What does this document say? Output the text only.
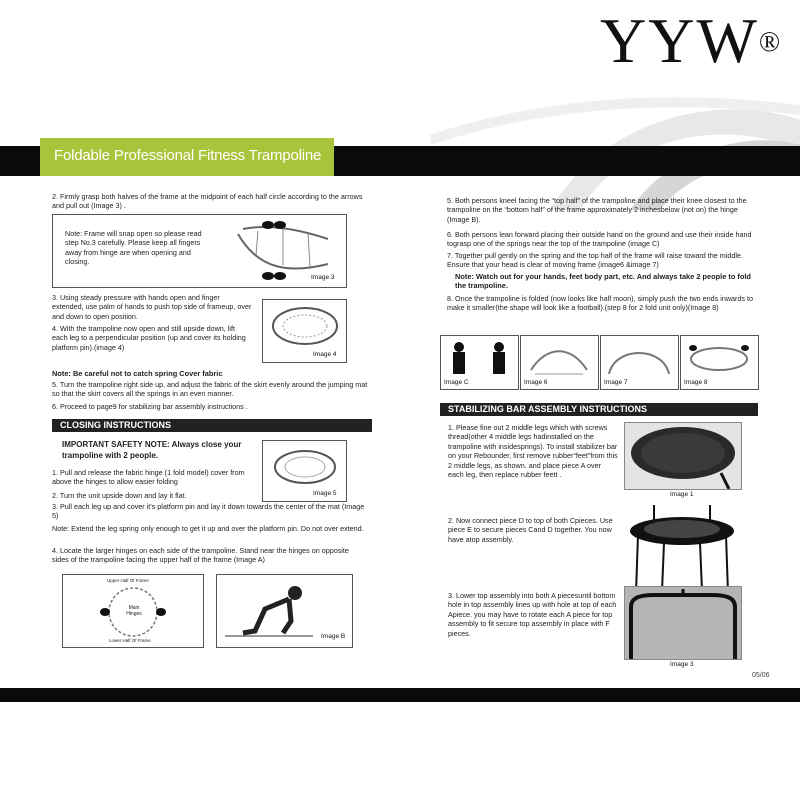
YYW®
Foldable Professional Fitness Trampoline
2. Firmly grasp both halves of the frame at the midpoint of each half circle according to the arrows and pull out (Image 3) .
Note: Frame will snap open so please read step No.3 carefully. Please keep all fingers away from hinge are when opening and closing.
Image 3
3. Using steady pressure with hands open and finger extended, use palm of hands to push top side of frameup, over and down to open position.
4. With the trampoline now open and still upside down, lift each leg to a perpendicular position (up and cover its holding platform pin).(image 4)
Image 4
Note: Be careful not to catch spring Cover fabric
5. Turn the trampoline right side up, and adjust the fabric of the skirt evenly around the jumping mat so that the skirt covers all the springs in an even manner.
6. Proceed to page9 for stabilizing bar assembly instructions .
CLOSING INSTRUCTIONS
IMPORTANT SAFETY NOTE: Always close your trampoline with 2 people.
Image 5
1. Pull and release the fabric hinge (1 fold model) cover from above the hinges to allow easier folding
2. Turn the unit upside down and lay it flat.
3. Pull each leg up and cover it's platform pin and lay it down towards the center of the mat (Image 5)
Note: Extend the leg spring only enough to get it up and over the platform pin. Do not over extend.
4. Locate the larger hinges on each side of the trampoline. Stand near the hinges on opposite sides of the trampoline facing the upper half of the frame (Image A)
Upper Half Of Frame
Main Hinges
Lower Half Of Frame
Image B
5. Both persons kneel facing the “top half” of the trampoline and place their knee closest to the trampoline on the “bottom half” of the frame approximately 2 inchesbelow (not on) the hinge (Image B).
6. Both persons lean forward placing their outside hand on the ground and use their inside hand tograsp one of the springs near the top of the trampoline (image C)
7. Together pull gently on the spring and the top half of the frame will raise toward the middle. Ensure that your head is clear of moving frame (image6 &image 7)
Note: Watch out for your hands, feet body part, etc. And always take 2 people to fold the trampoline.
8. Once the trampoline is folded (now looks like half moon), simply push the two ends inwards to make it smaller(the shape will look like a football).(step 8 for 2 fold unit only)(Image 8)
Image C	Image 6	Image 7	Image 8
STABILIZING BAR ASSEMBLY INSTRUCTIONS
1. Please fine out 2 middle legs which with screws thread(other 4 middle legs hadinstalled on the trampoline with insidesprings). To install stabilizer bar on your Rebounder, first remove rubber“feet”from this 2 middle legs, as shown. and place piece A over each leg, then replace rubber feett .
2. Now connect piece D to top of both Cpieces. Use piece E to secure pieces Cand D together. You now have atop assembly.
3. Lower top assembly into both A piecesuntil bottom hole in top assembly lines up with hole at top of each Apiece. you may have to rotate each A piece for top assembly to fit secure top assembly in place with F pieces.
Image 1
Image 3
05/06
